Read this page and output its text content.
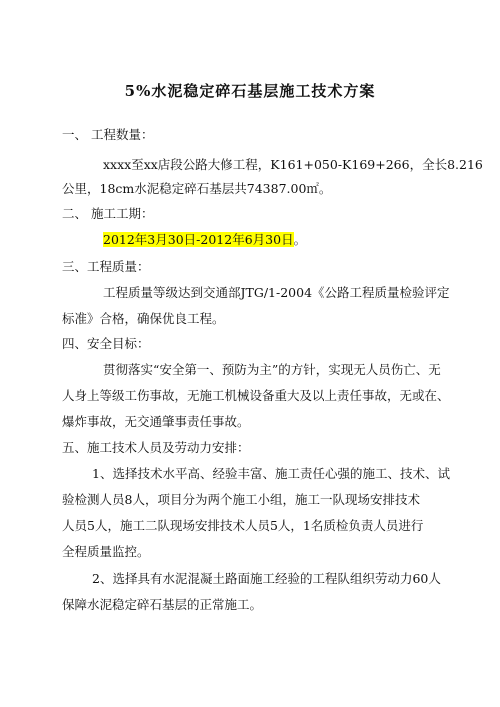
5%水泥稳定碎石基层施工技术方案
一、 工程数量：
xxxx至xx店段公路大修工程，K161+050-K169+266，全长8.216
公里，18cm水泥稳定碎石基层共74387.00㎡。
二、 施工工期：
2012年3月30日-2012年6月30日。
三、工程质量：
工程质量等级达到交通部JTG/1-2004《公路工程质量检验评定
标准》合格，确保优良工程。
四、安全目标：
贯彻落实“安全第一、预防为主”的方针，实现无人员伤亡、无
人身上等级工伤事故，无施工机械设备重大及以上责任事故，无或在、
爆炸事故，无交通肇事责任事故。
五、施工技术人员及劳动力安排：
1、选择技术水平高、经验丰富、施工责任心强的施工、技术、试
验检测人员8人，项目分为两个施工小组，施工一队现场安排技术
人员5人，施工二队现场安排技术人员5人，1名质检负责人员进行
全程质量监控。
2、选择具有水泥混凝土路面施工经验的工程队组织劳动力60人
保障水泥稳定碎石基层的正常施工。
